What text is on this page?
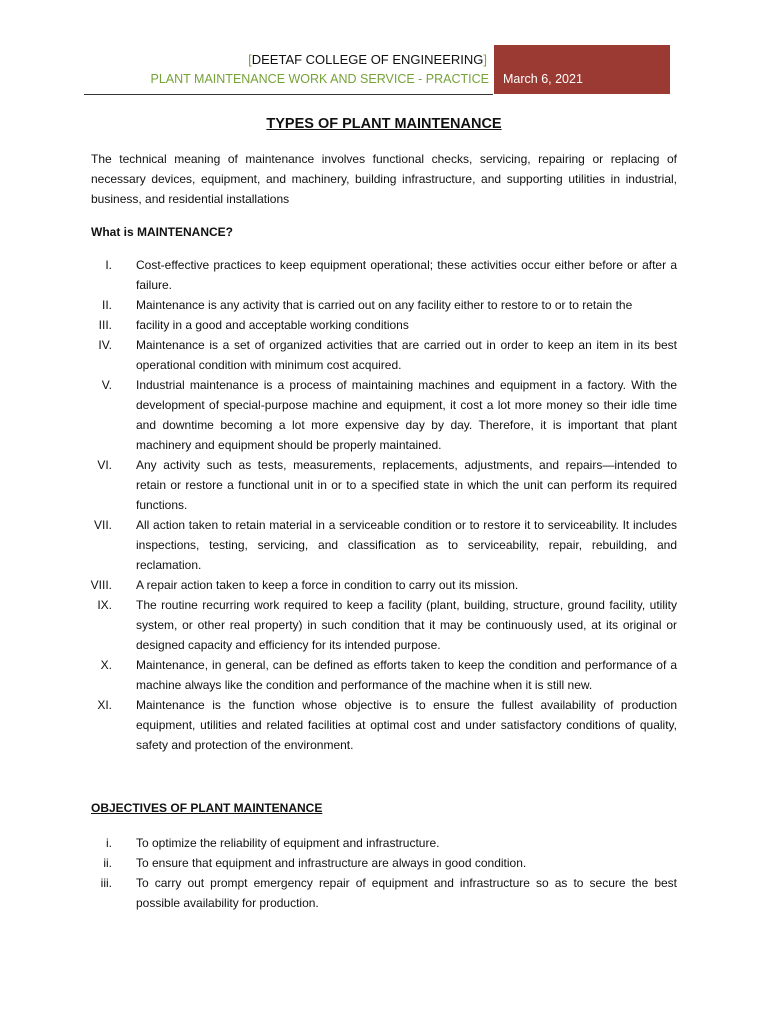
[DEETAF COLLEGE OF ENGINEERING]
PLANT MAINTENANCE WORK AND SERVICE - PRACTICE March 6, 2021
TYPES OF PLANT MAINTENANCE
The technical meaning of maintenance involves functional checks, servicing, repairing or replacing of necessary devices, equipment, and machinery, building infrastructure, and supporting utilities in industrial, business, and residential installations
What is MAINTENANCE?
I. Cost-effective practices to keep equipment operational; these activities occur either before or after a failure.
II. Maintenance is any activity that is carried out on any facility either to restore to or to retain the
III. facility in a good and acceptable working conditions
IV. Maintenance is a set of organized activities that are carried out in order to keep an item in its best operational condition with minimum cost acquired.
V. Industrial maintenance is a process of maintaining machines and equipment in a factory. With the development of special-purpose machine and equipment, it cost a lot more money so their idle time and downtime becoming a lot more expensive day by day. Therefore, it is important that plant machinery and equipment should be properly maintained.
VI. Any activity such as tests, measurements, replacements, adjustments, and repairs—intended to retain or restore a functional unit in or to a specified state in which the unit can perform its required functions.
VII. All action taken to retain material in a serviceable condition or to restore it to serviceability. It includes inspections, testing, servicing, and classification as to serviceability, repair, rebuilding, and reclamation.
VIII. A repair action taken to keep a force in condition to carry out its mission.
IX. The routine recurring work required to keep a facility (plant, building, structure, ground facility, utility system, or other real property) in such condition that it may be continuously used, at its original or designed capacity and efficiency for its intended purpose.
X. Maintenance, in general, can be defined as efforts taken to keep the condition and performance of a machine always like the condition and performance of the machine when it is still new.
XI. Maintenance is the function whose objective is to ensure the fullest availability of production equipment, utilities and related facilities at optimal cost and under satisfactory conditions of quality, safety and protection of the environment.
OBJECTIVES OF PLANT MAINTENANCE
i. To optimize the reliability of equipment and infrastructure.
ii. To ensure that equipment and infrastructure are always in good condition.
iii. To carry out prompt emergency repair of equipment and infrastructure so as to secure the best possible availability for production.
